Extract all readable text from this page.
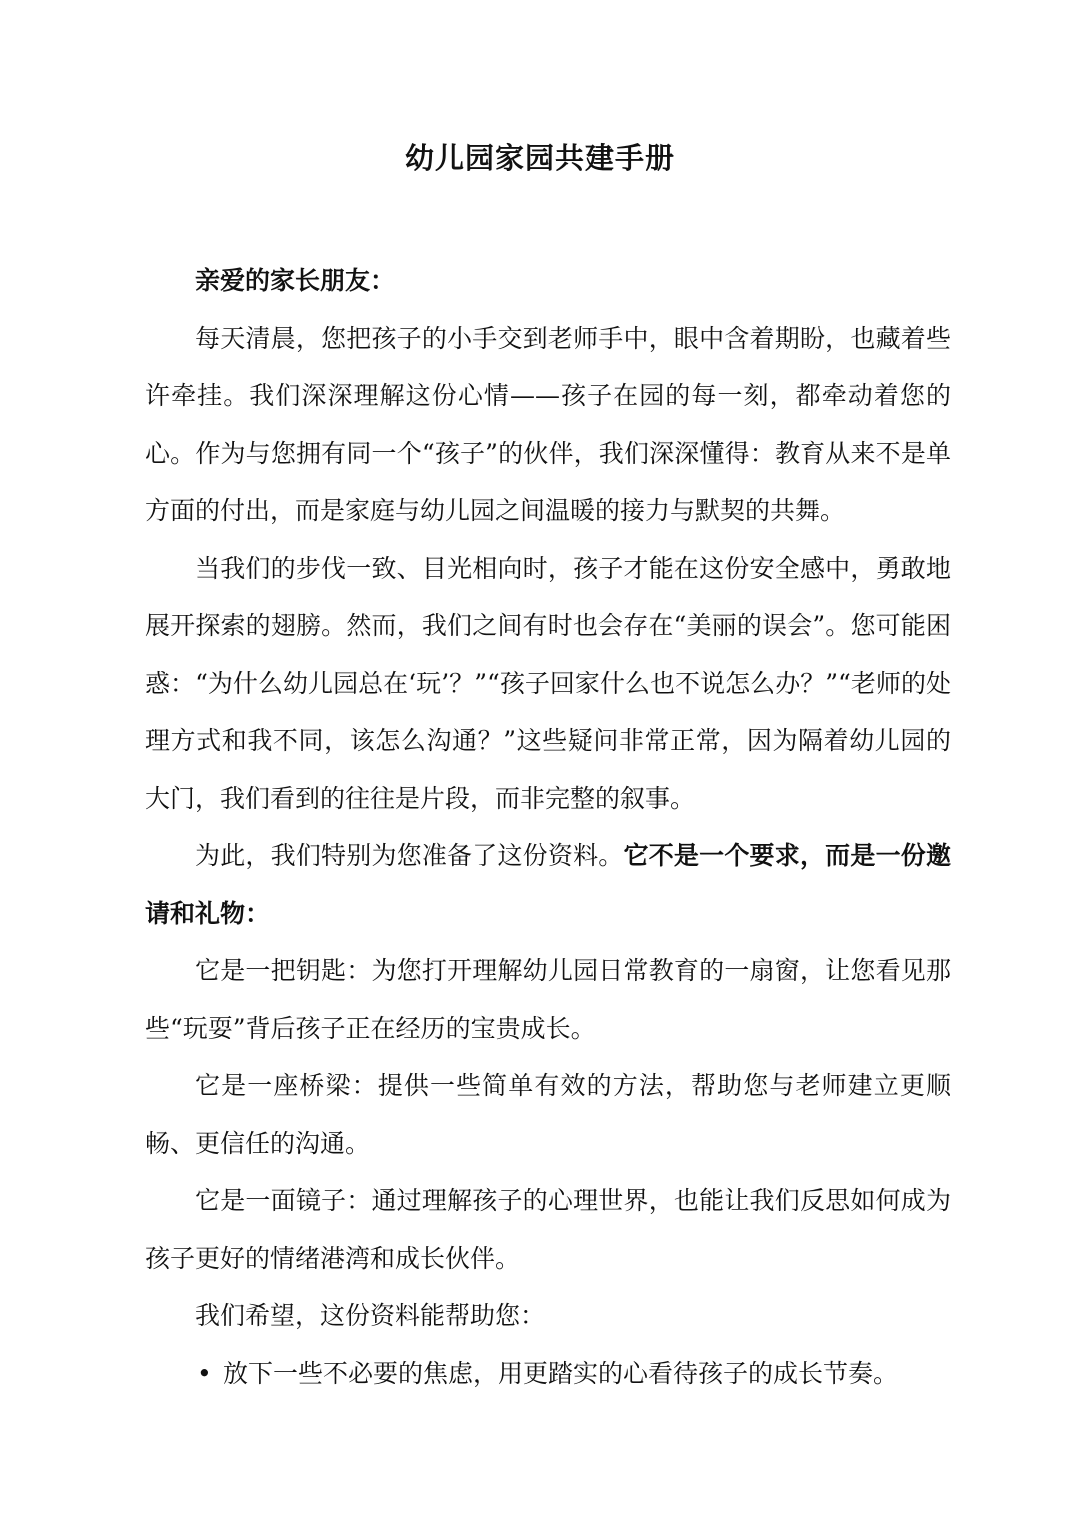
幼儿园家园共建手册

亲爱的家长朋友：

每天清晨，您把孩子的小手交到老师手中，眼中含着期盼，也藏着些许牵挂。我们深深理解这份心情——孩子在园的每一刻，都牵动着您的心。作为与您拥有同一个“孩子”的伙伴，我们深深懂得：教育从来不是单方面的付出，而是家庭与幼儿园之间温暖的接力与默契的共舞。

当我们的步伐一致、目光相向时，孩子才能在这份安全感中，勇敢地展开探索的翅膀。然而，我们之间有时也会存在“美丽的误会”。您可能困惑：“为什么幼儿园总在‘玩’？”“孩子回家什么也不说怎么办？”“老师的处理方式和我不同，该怎么沟通？”这些疑问非常正常，因为隔着幼儿园的大门，我们看到的往往是片段，而非完整的叙事。

为此，我们特别为您准备了这份资料。它不是一个要求，而是一份邀请和礼物：

它是一把钥匙：为您打开理解幼儿园日常教育的一扇窗，让您看见那些“玩耍”背后孩子正在经历的宝贵成长。

它是一座桥梁：提供一些简单有效的方法，帮助您与老师建立更顺畅、更信任的沟通。

它是一面镜子：通过理解孩子的心理世界，也能让我们反思如何成为孩子更好的情绪港湾和成长伙伴。

我们希望，这份资料能帮助您：

• 放下一些不必要的焦虑，用更踏实的心看待孩子的成长节奏。
